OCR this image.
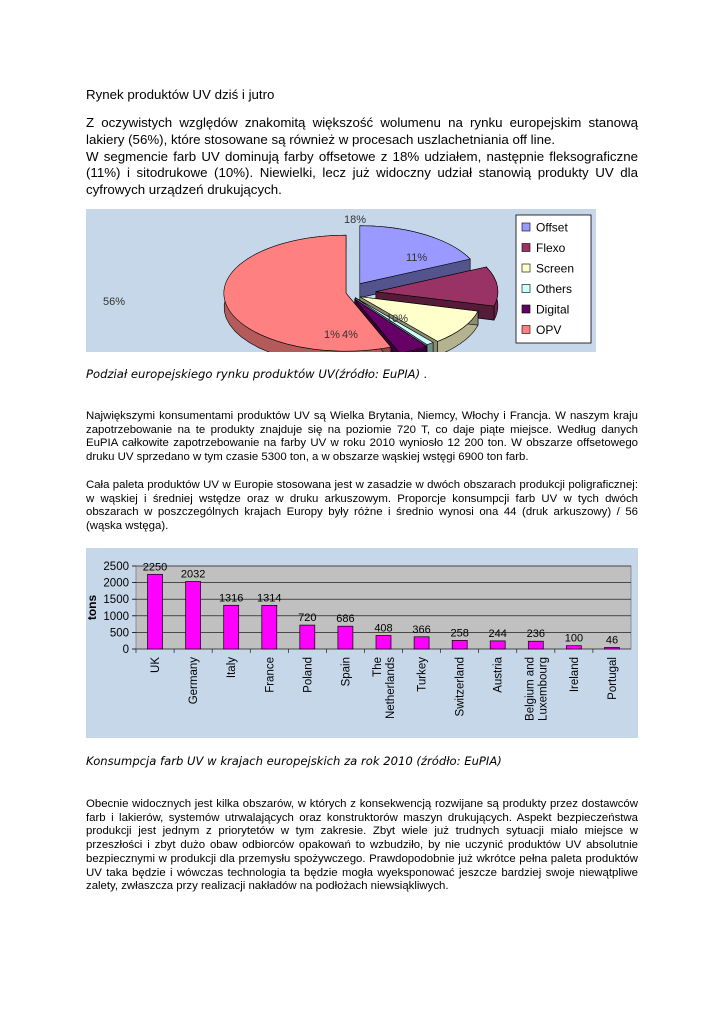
Rynek produktów UV dziś i jutro

Z oczywistych względów znakomitą większość wolumenu na rynku europejskim stanową lakiery (56%), które stosowane są również w procesach uszlachetniania off line.

W segmencie farb UV dominują farby offsetowe z 18% udziałem, następnie fleksograficzne (11%) i sitodrukowe (10%). Niewielki, lecz już widoczny udział stanowią produkty UV dla cyfrowych urządzeń drukujących.

18%
11%
10%
1% 4%
56%
Offset
Flexo
Screen
Others
Digital
OPV
Podział europejskiego rynku produktów UV(źródło: EuPIA) .

Największymi konsumentami produktów UV są Wielka Brytania, Niemcy, Włochy i Francja. W naszym kraju zapotrzebowanie na te produkty znajduje się na poziomie 720 T, co daje piąte miejsce. Według danych EuPIA całkowite zapotrzebowanie na farby UV w roku 2010 wyniosło 12 200 ton. W obszarze offsetowego druku UV sprzedano w tym czasie 5300 ton, a w obszarze wąskiej wstęgi 6900 ton farb.

Cała paleta produktów UV w Europie stosowana jest w zasadzie w dwóch obszarach produkcji poligraficznej: w wąskiej i średniej wstędze oraz w druku arkuszowym. Proporcje konsumpcji farb UV w tych dwóch obszarach w poszczególnych krajach Europy były różne i średnio wynosi ona 44 (druk arkuszowy) / 56 (wąska wstęga).

0
500
1000
1500
2000
2500
tons
2250
UK
2032
Germany
1316
Italy
1314
France
720
Poland
686
Spain
408
The Netherlands
366
Turkey
258
Switzerland
244
Austria
236
Belgium and Luxembourg
100
Ireland
46
Portugal
Konsumpcja farb UV w krajach europejskich za rok 2010 (źródło: EuPIA)

Obecnie widocznych jest kilka obszarów, w których z konsekwencją rozwijane są produkty przez dostawców farb i lakierów, systemów utrwalających oraz konstruktorów maszyn drukujących. Aspekt bezpieczeństwa produkcji jest jednym z priorytetów w tym zakresie. Zbyt wiele już trudnych sytuacji miało miejsce w przeszłości i zbyt dużo obaw odbiorców opakowań to wzbudziło, by nie uczynić produktów UV absolutnie bezpiecznymi w produkcji dla przemysłu spożywczego. Prawdopodobnie już wkrótce pełna paleta produktów UV taka będzie i wówczas technologia ta będzie mogła wyeksponować jeszcze bardziej swoje niewątpliwe zalety, zwłaszcza przy realizacji nakładów na podłożach niewsiąkliwych.
